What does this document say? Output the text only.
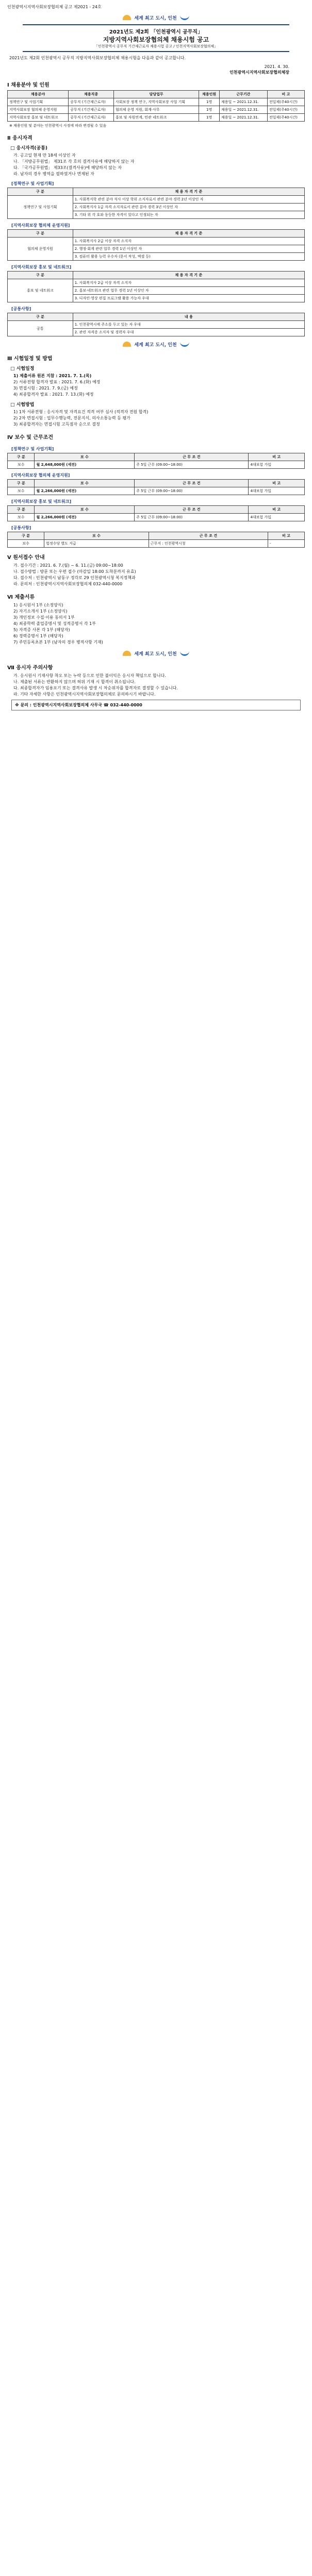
인천광역시지역사회보장협의체 공고 제2021 - 24호
세계 최고 도시, 인천
2021년도 제2회 「인천광역시 공무직」
지방지역사회보장협의체 채용시험 공고
「인천광역시 공무직 기간제근로자 채용시험 공고 / 인천지역사회보장협의체」
2021년도 제2회 인천광역시 공무직 지방지역사회보장협의체 채용시험을 다음과 같이 공고합니다.
2021. 4. 30.
인천광역시지역사회보장협의체장
Ⅰ 채용분야 및 인원
채용분야	채용직종	담당업무	채용인원	근무기간	비 고
정책연구 및 사업기획	공무직 (기간제근로자)	사회보장 정책 연구, 지역사회보장 사업 기획	1명	채용일 ~ 2021.12.31.	전일제(주40시간)
지역사회보장 협의체 운영지원	공무직 (기간제근로자)	협의체 운영 지원, 회계·사무	1명	채용일 ~ 2021.12.31.	전일제(주40시간)
지역사회보장 홍보 및 네트워크	공무직 (기간제근로자)	홍보 및 자원연계, 민관 네트워크	1명	채용일 ~ 2021.12.31.	전일제(주40시간)
※ 채용인원 및 분야는 인천광역시 사정에 따라 변경될 수 있음
Ⅱ 응시자격
□ 응시자격(공통)
가. 공고일 현재 만 18세 이상인 자
나. 「지방공무원법」 제31조 각 호의 결격사유에 해당하지 않는 자
다. 「국가공무원법」 제33조(결격사유)에 해당하지 않는 자
라. 남자의 경우 병역을 필하였거나 면제된 자
[정책연구 및 사업기획]
구 분	채 용 자 격 기 준
정책연구 및 사업기획	1. 사회복지학 관련 분야 석사 이상 학위 소지자로서 관련 분야 경력 2년 이상인 자
	2. 사회복지사 1급 자격 소지자로서 관련 분야 경력 3년 이상인 자
	3. 기타 위 각 호와 동등한 자격이 있다고 인정되는 자
[지역사회보장 협의체 운영지원]
구 분	채 용 자 격 기 준
협의체 운영지원	1. 사회복지사 2급 이상 자격 소지자
	2. 행정·회계 관련 업무 경력 1년 이상인 자
	3. 컴퓨터 활용 능력 우수자 (문서 작성, 엑셀 등)
[지역사회보장 홍보 및 네트워크]
구 분	채 용 자 격 기 준
홍보 및 네트워크	1. 사회복지사 2급 이상 자격 소지자
	2. 홍보·네트워크 관련 업무 경력 1년 이상인 자
	3. 디자인·영상 편집 프로그램 활용 가능자 우대
[공통사항]
구 분	내 용
공통	1. 인천광역시에 주소를 두고 있는 자 우대
	2. 관련 자격증 소지자 및 경력자 우대
세계 최고 도시, 인천
Ⅲ 시험일정 및 방법
□ 시험일정
1) 제출서류 원본 지참 : 2021. 7. 1.(목)
2) 서류전형 합격자 발표 : 2021. 7. 6.(화) 예정
3) 면접시험 : 2021. 7. 9.(금) 예정
4) 최종합격자 발표 : 2021. 7. 13.(화) 예정
□ 시험방법
1) 1차 서류전형 : 응시자격 및 자격요건 적격 여부 심사 (적격자 전원 합격)
2) 2차 면접시험 : 업무수행능력, 전문지식, 의사소통능력 등 평가
3) 최종합격자는 면접시험 고득점자 순으로 결정
Ⅳ 보수 및 근무조건
[정책연구 및 사업기획]
구 분	보 수	근 무 조 건	비 고
보수	월 2,648,000원 (세전)	주 5일 근무 (09:00~18:00)	4대보험 가입
[지역사회보장 협의체 운영지원]
구 분	보 수	근 무 조 건	비 고
보수	월 2,266,000원 (세전)	주 5일 근무 (09:00~18:00)	4대보험 가입
[지역사회보장 홍보 및 네트워크]
구 분	보 수	근 무 조 건	비 고
보수	월 2,266,000원 (세전)	주 5일 근무 (09:00~18:00)	4대보험 가입
[공통사항]
구 분	보 수	근 무 조 건	비 고
보수	법정수당 별도 지급	근무지 : 인천광역시청	-
Ⅴ 원서접수 안내
가. 접수기간 : 2021. 6. 7.(월) ~ 6. 11.(금) 09:00~18:00
나. 접수방법 : 방문 또는 우편 접수 (마감일 18:00 도착분까지 유효)
다. 접수처 : 인천광역시 남동구 정각로 29 인천광역시청 복지정책과
라. 문의처 : 인천광역시지역사회보장협의체 032-440-0000
Ⅵ 제출서류
1) 응시원서 1부 (소정양식)
2) 자기소개서 1부 (소정양식)
3) 개인정보 수집·이용 동의서 1부
4) 최종학력 졸업증명서 및 성적증명서 각 1부
5) 자격증 사본 각 1부 (해당자)
6) 경력증명서 1부 (해당자)
7) 주민등록초본 1부 (남자의 경우 병적사항 기재)
세계 최고 도시, 인천
Ⅶ 응시자 주의사항
가. 응시원서 기재사항 착오 또는 누락 등으로 인한 불이익은 응시자 책임으로 합니다.
나. 제출된 서류는 반환하지 않으며 허위 기재 시 합격이 취소됩니다.
다. 최종합격자가 임용포기 또는 결격사유 발생 시 차순위자를 합격자로 결정할 수 있습니다.
라. 기타 자세한 사항은 인천광역시지역사회보장협의체로 문의하시기 바랍니다.
※ 문의 : 인천광역시지역사회보장협의체 사무국 ☎ 032-440-0000
